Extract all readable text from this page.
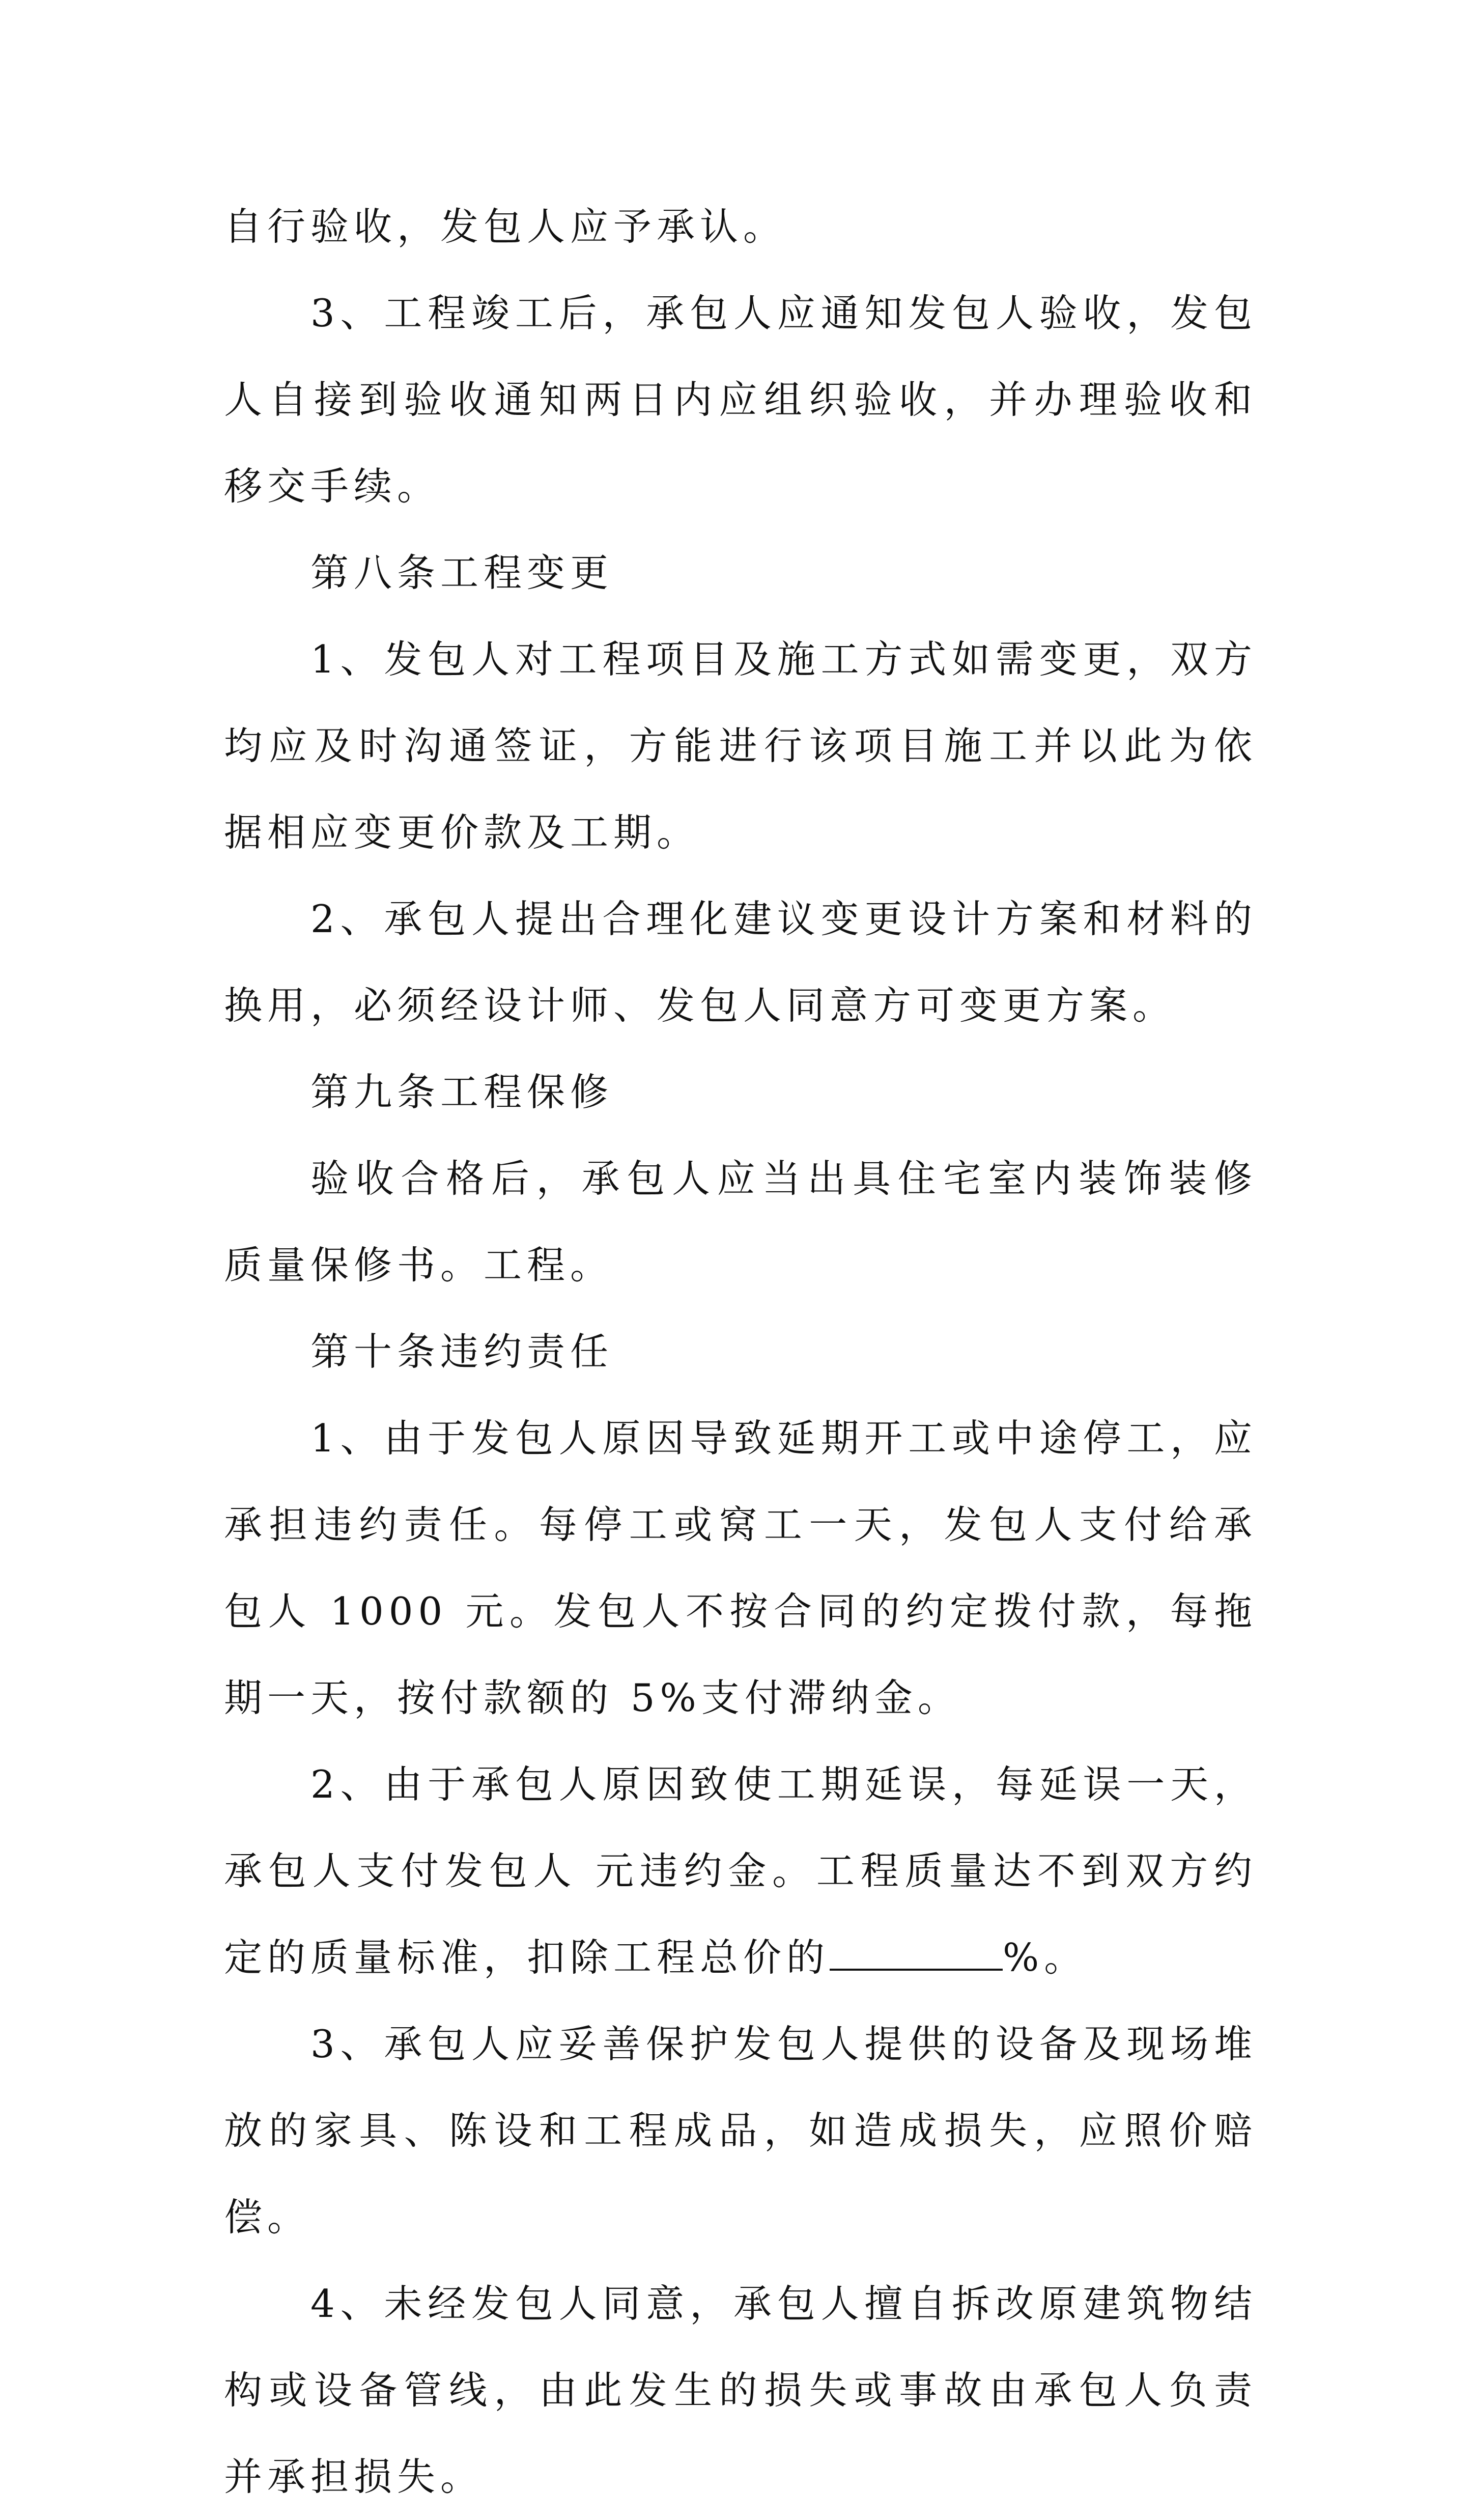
自行验收，发包人应予承认。

3、工程竣工后，承包人应通知发包人验收，发包人自接到验收通知两日内应组织验收，并办理验收和移交手续。

第八条工程变更

1、发包人对工程项目及施工方式如需变更，双方均应及时沟通签证，方能进行该项目施工并以此为依据相应变更价款及工期。

2、承包人提出合理化建议变更设计方案和材料的换用，必须经设计师、发包人同意方可变更方案。

第九条工程保修

验收合格后，承包人应当出具住宅室内装饰装修质量保修书。工程。

第十条违约责任

1、由于发包人原因导致延期开工或中途停工，应承担违约责任。每停工或窝工一天，发包人支付给承包人 1000 元。发包人不按合同的约定拨付款，每拖期一天，按付款额的 5%支付滞纳金。

2、由于承包人原因致使工期延误，每延误一天，承包人支付发包人 元违约金。工程质量达不到双方约定的质量标准，扣除工程总价的	%。

3、承包人应妥善保护发包人提供的设备及现场堆放的家具、陈设和工程成品，如造成损失，应照价赔偿。

4、未经发包人同意，承包人擅自拆改原建筑物结构或设备管线，由此发生的损失或事故由承包人负责并承担损失。
